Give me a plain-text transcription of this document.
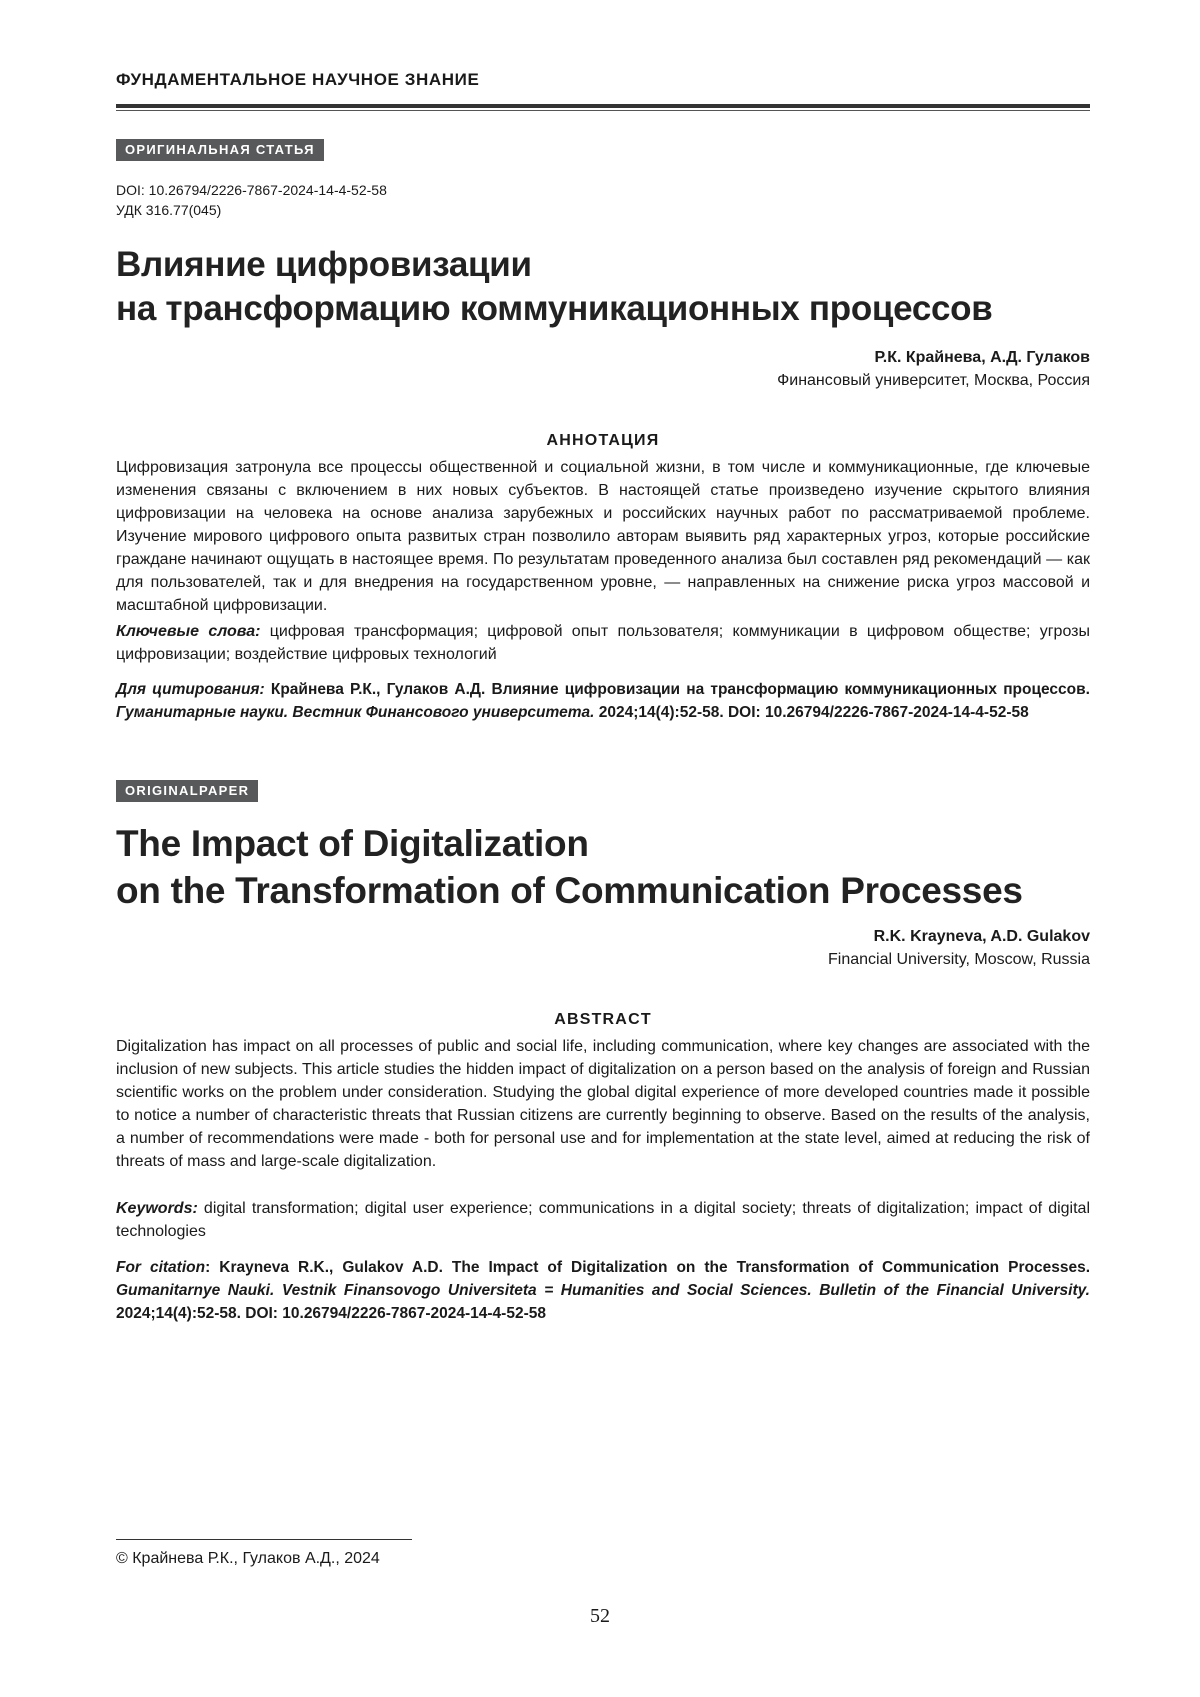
ФУНДАМЕНТАЛЬНОЕ НАУЧНОЕ ЗНАНИЕ
ОРИГИНАЛЬНАЯ СТАТЬЯ
DOI: 10.26794/2226-7867-2024-14-4-52-58
УДК 316.77(045)
Влияние цифровизации
на трансформацию коммуникационных процессов
Р.К. Крайнева, А.Д. Гулаков
Финансовый университет, Москва, Россия
АННОТАЦИЯ

Цифровизация затронула все процессы общественной и социальной жизни, в том числе и коммуникационные, где ключевые изменения связаны с включением в них новых субъектов. В настоящей статье произведено изучение скрытого влияния цифровизации на человека на основе анализа зарубежных и российских научных работ по рассматриваемой проблеме. Изучение мирового цифрового опыта развитых стран позволило авторам выявить ряд характерных угроз, которые российские граждане начинают ощущать в настоящее время. По результатам проведенного анализа был составлен ряд рекомендаций — как для пользователей, так и для внедрения на государственном уровне, — направленных на снижение риска угроз массовой и масштабной цифровизации.

Ключевые слова: цифровая трансформация; цифровой опыт пользователя; коммуникации в цифровом обществе; угрозы цифровизации; воздействие цифровых технологий

Для цитирования: Крайнева Р.К., Гулаков А.Д. Влияние цифровизации на трансформацию коммуникационных процессов. Гуманитарные науки. Вестник Финансового университета. 2024;14(4):52-58. DOI: 10.26794/2226-7867-2024-14-4-52-58

ORIGINALPAPER
The Impact of Digitalization
on the Transformation of Communication Processes
R.K. Krayneva, A.D. Gulakov
Financial University, Moscow, Russia
ABSTRACT

Digitalization has impact on all processes of public and social life, including communication, where key changes are associated with the inclusion of new subjects. This article studies the hidden impact of digitalization on a person based on the analysis of foreign and Russian scientific works on the problem under consideration. Studying the global digital experience of more developed countries made it possible to notice a number of characteristic threats that Russian citizens are currently beginning to observe. Based on the results of the analysis, a number of recommendations were made - both for personal use and for implementation at the state level, aimed at reducing the risk of threats of mass and large-scale digitalization.

Keywords: digital transformation; digital user experience; communications in a digital society; threats of digitalization; impact of digital technologies

For citation: Krayneva R.K., Gulakov A.D. The Impact of Digitalization on the Transformation of Communication Processes. Gumanitarnye Nauki. Vestnik Finansovogo Universiteta = Humanities and Social Sciences. Bulletin of the Financial University. 2024;14(4):52-58. DOI: 10.26794/2226-7867-2024-14-4-52-58

© Крайнева Р.К., Гулаков А.Д., 2024
52
